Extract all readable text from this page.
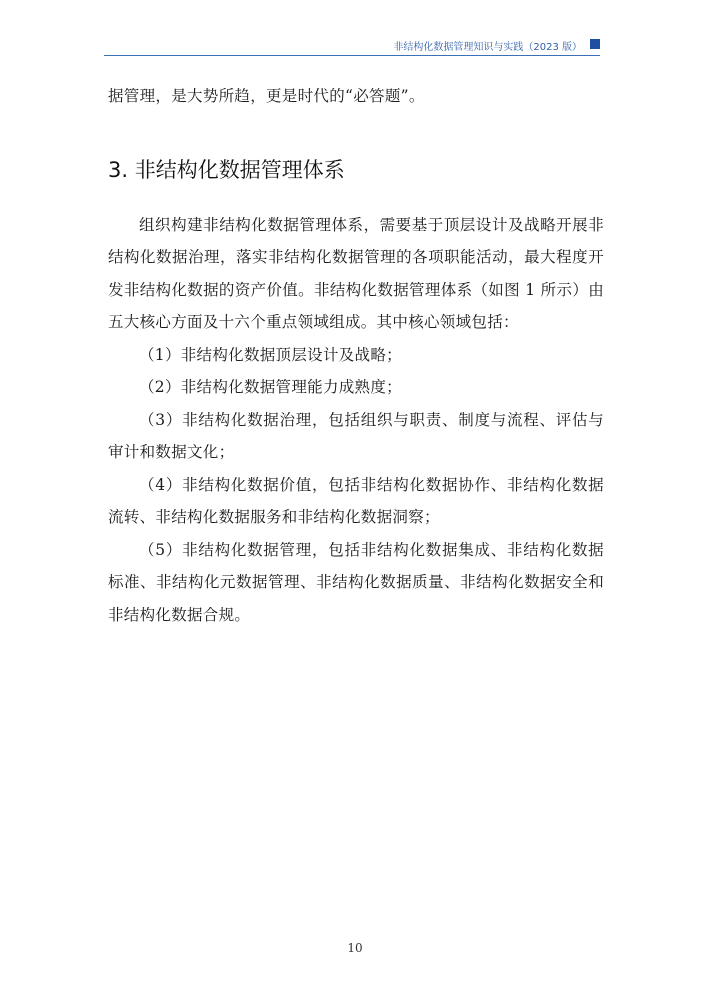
非结构化数据管理知识与实践（2023 版）

据管理，是大势所趋，更是时代的“必答题”。

3. 非结构化数据管理体系

组织构建非结构化数据管理体系，需要基于顶层设计及战略开展非结构化数据治理，落实非结构化数据管理的各项职能活动，最大程度开发非结构化数据的资产价值。非结构化数据管理体系（如图 1 所示）由五大核心方面及十六个重点领域组成。其中核心领域包括：

（1）非结构化数据顶层设计及战略；

（2）非结构化数据管理能力成熟度；

（3）非结构化数据治理，包括组织与职责、制度与流程、评估与审计和数据文化；

（4）非结构化数据价值，包括非结构化数据协作、非结构化数据流转、非结构化数据服务和非结构化数据洞察；

（5）非结构化数据管理，包括非结构化数据集成、非结构化数据标准、非结构化元数据管理、非结构化数据质量、非结构化数据安全和非结构化数据合规。

10
